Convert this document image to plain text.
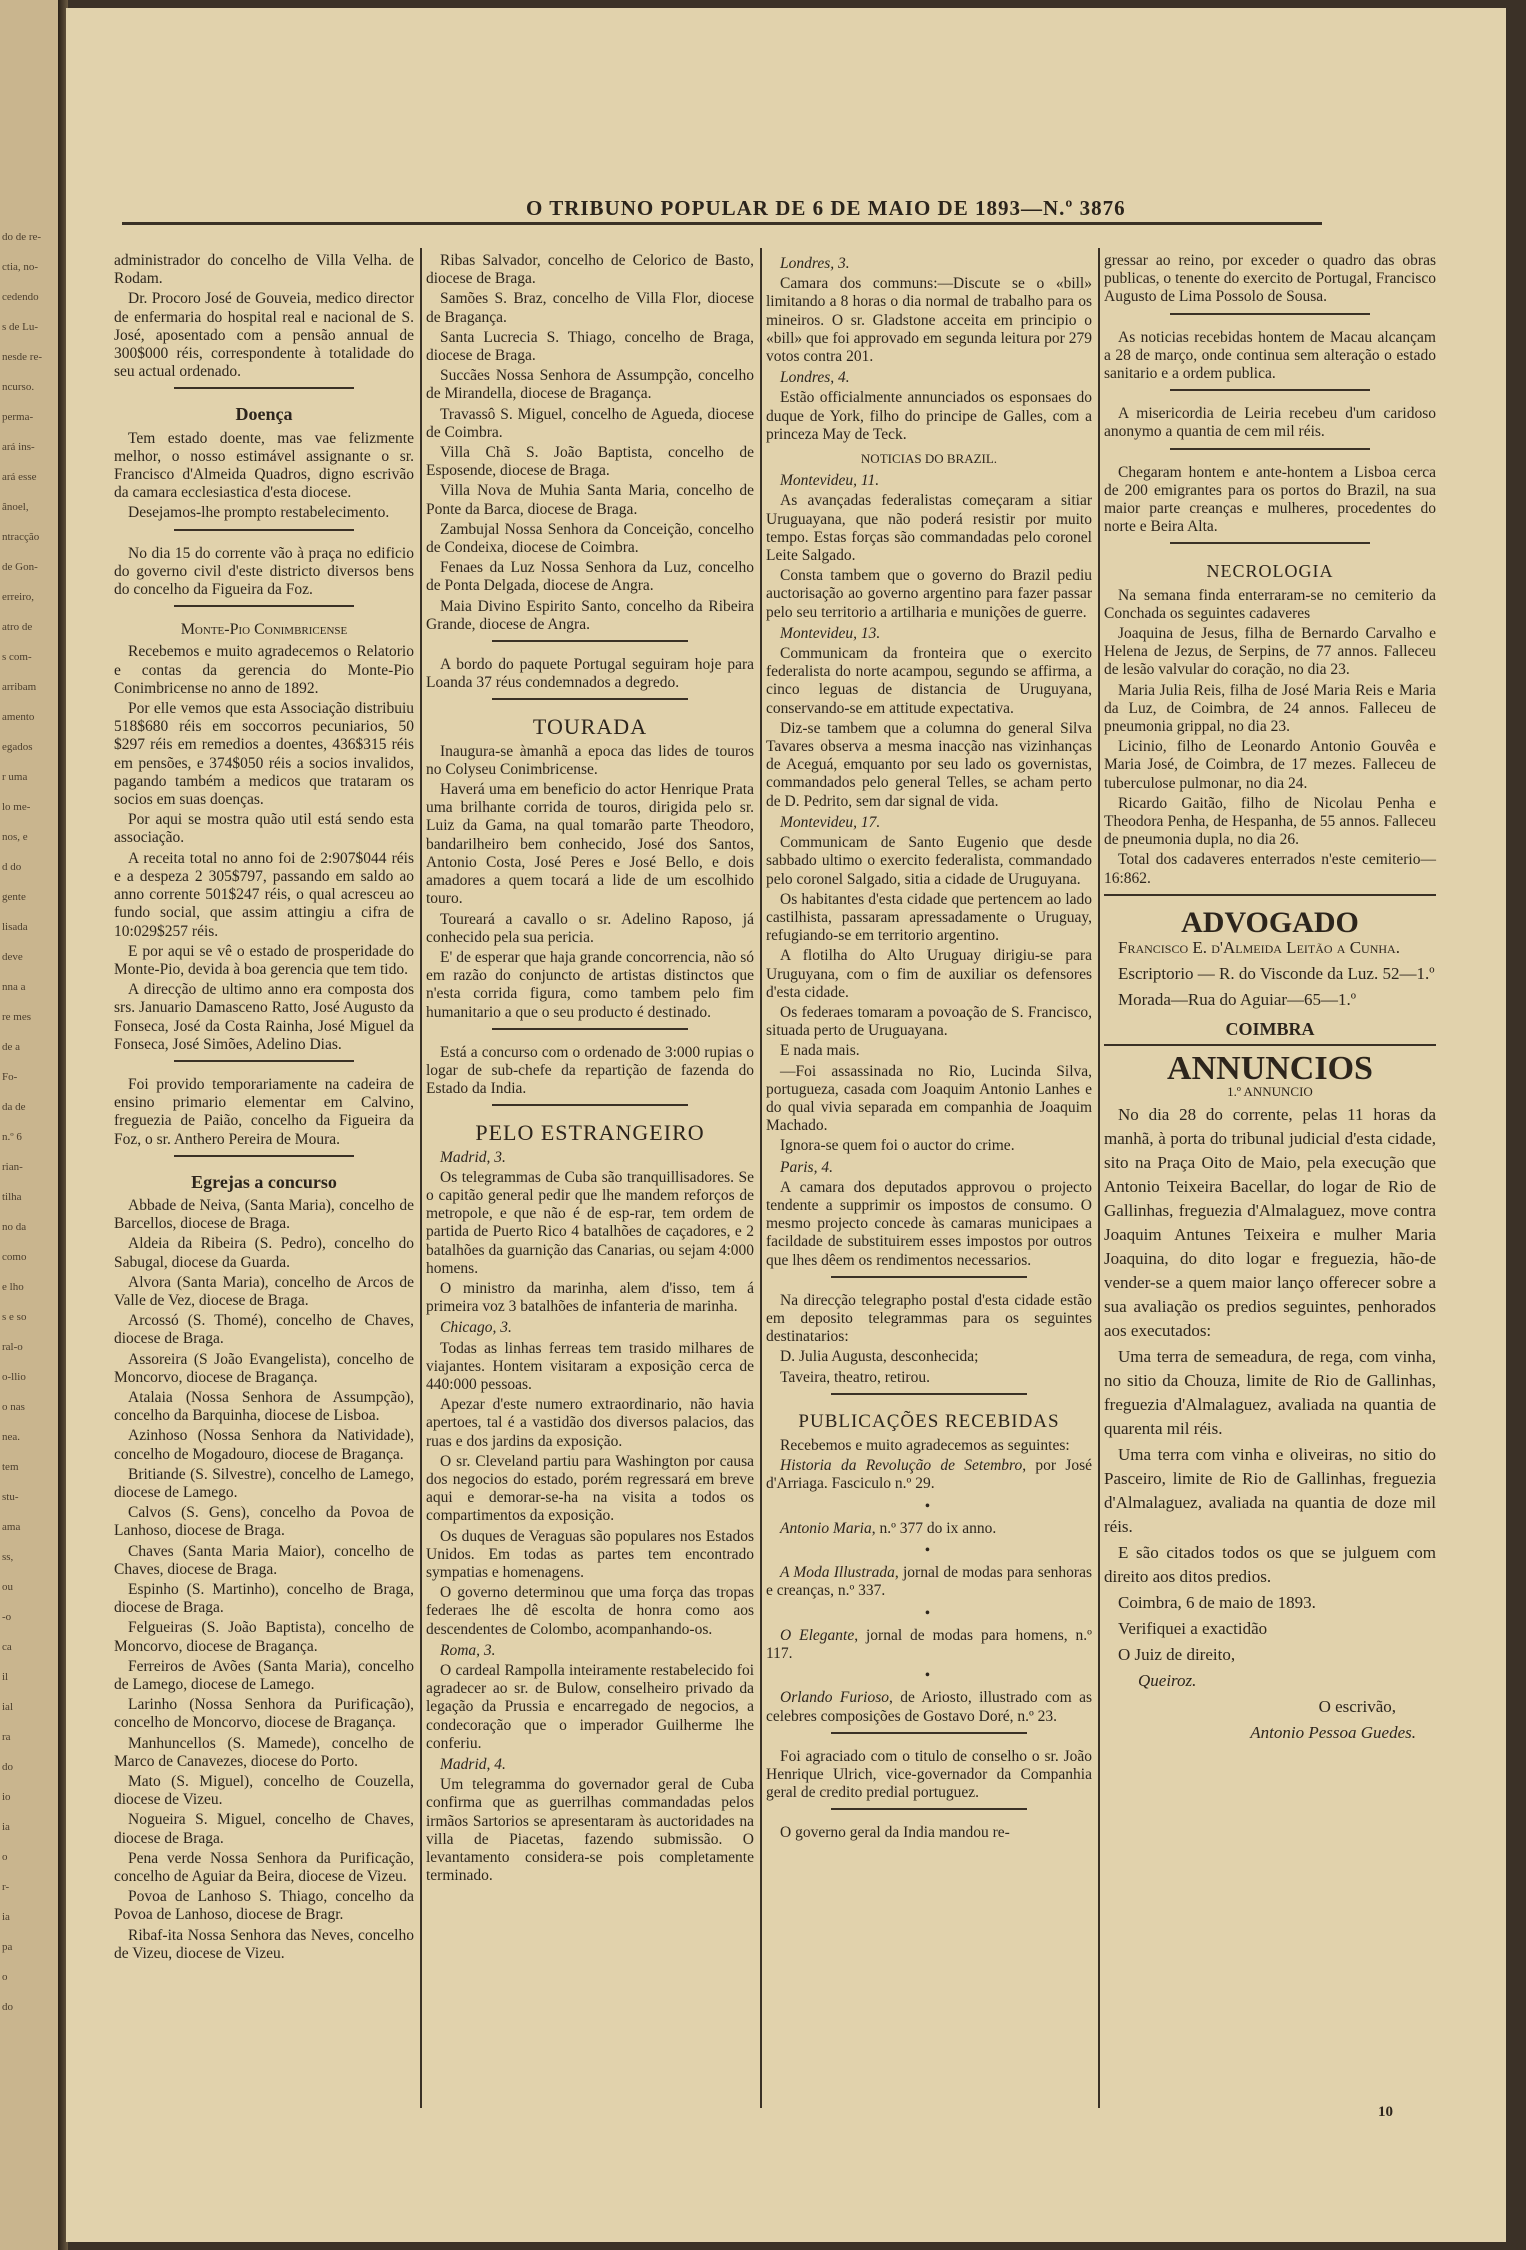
do de re-
ctia, no-
cedendo
s de Lu-
nesde re-
ncurso.
perma-
ará ins-
ará esse
ânoel,
ntracção
de Gon-
erreiro,
atro de
s com-
arribam
amento
egados
r uma
lo me-
nos, e
d do
gente
lisada
deve
nna a
re mes
de a
Fo-
da de
n.º 6
rian-
tilha
no da
como
e lho
s e so
ral-o
o-llio
o nas
nea.
tem
stu-
ama
ss,
ou
-o
ca
il
ial
ra
do
io
ia
o
r-
ia
pa
o
do
O TRIBUNO POPULAR DE 6 DE MAIO DE 1893—N.º 3876

administrador do concelho de Villa Velha. de Rodam.

Dr. Procoro José de Gouveia, medico director de enfermaria do hospital real e nacional de S. José, aposentado com a pensão annual de 300$000 réis, correspondente à totalidade do seu actual ordenado.

Doença

Tem estado doente, mas vae felizmente melhor, o nosso estimável assignante o sr. Francisco d'Almeida Quadros, digno escrivão da camara ecclesiastica d'esta diocese.

Desejamos-lhe prompto restabelecimento.

No dia 15 do corrente vão à praça no edificio do governo civil d'este districto diversos bens do concelho da Figueira da Foz.

Monte-Pio Conimbricense

Recebemos e muito agradecemos o Relatorio e contas da gerencia do Monte-Pio Conimbricense no anno de 1892.

Por elle vemos que esta Associação distribuiu 518$680 réis em soccorros pecuniarios, 50 $297 réis em remedios a doentes, 436$315 réis em pensões, e 374$050 réis a socios invalidos, pagando também a medicos que trataram os socios em suas doenças.

Por aqui se mostra quão util está sendo esta associação.

A receita total no anno foi de 2:907$044 réis e a despeza 2 305$797, passando em saldo ao anno corrente 501$247 réis, o qual acresceu ao fundo social, que assim attingiu a cifra de 10:029$257 réis.

E por aqui se vê o estado de prosperidade do Monte-Pio, devida à boa gerencia que tem tido.

A direcção de ultimo anno era composta dos srs. Januario Damasceno Ratto, José Augusto da Fonseca, José da Costa Rainha, José Miguel da Fonseca, José Simões, Adelino Dias.

Foi provido temporariamente na cadeira de ensino primario elementar em Calvino, freguezia de Paião, concelho da Figueira da Foz, o sr. Anthero Pereira de Moura.

Egrejas a concurso

Abbade de Neiva, (Santa Maria), concelho de Barcellos, diocese de Braga.

Aldeia da Ribeira (S. Pedro), concelho do Sabugal, diocese da Guarda.

Alvora (Santa Maria), concelho de Arcos de Valle de Vez, diocese de Braga.

Arcossó (S. Thomé), concelho de Chaves, diocese de Braga.

Assoreira (S João Evangelista), concelho de Moncorvo, diocese de Bragança.

Atalaia (Nossa Senhora de Assumpção), concelho da Barquinha, diocese de Lisboa.

Azinhoso (Nossa Senhora da Natividade), concelho de Mogadouro, diocese de Bragança.

Britiande (S. Silvestre), concelho de Lamego, diocese de Lamego.

Calvos (S. Gens), concelho da Povoa de Lanhoso, diocese de Braga.

Chaves (Santa Maria Maior), concelho de Chaves, diocese de Braga.

Espinho (S. Martinho), concelho de Braga, diocese de Braga.

Felgueiras (S. João Baptista), concelho de Moncorvo, diocese de Bragança.

Ferreiros de Avões (Santa Maria), concelho de Lamego, diocese de Lamego.

Larinho (Nossa Senhora da Purificação), concelho de Moncorvo, diocese de Bragança.

Manhuncellos (S. Mamede), concelho de Marco de Canavezes, diocese do Porto.

Mato (S. Miguel), concelho de Couzella, diocese de Vizeu.

Nogueira S. Miguel, concelho de Chaves, diocese de Braga.

Pena verde Nossa Senhora da Purificação, concelho de Aguiar da Beira, diocese de Vizeu.

Povoa de Lanhoso S. Thiago, concelho da Povoa de Lanhoso, diocese de Bragr.

Ribaf-ita Nossa Senhora das Neves, concelho de Vizeu, diocese de Vizeu.

Ribas Salvador, concelho de Celorico de Basto, diocese de Braga.

Samões S. Braz, concelho de Villa Flor, diocese de Bragança.

Santa Lucrecia S. Thiago, concelho de Braga, diocese de Braga.

Succães Nossa Senhora de Assumpção, concelho de Mirandella, diocese de Bragança.

Travassô S. Miguel, concelho de Agueda, diocese de Coimbra.

Villa Chã S. João Baptista, concelho de Esposende, diocese de Braga.

Villa Nova de Muhia Santa Maria, concelho de Ponte da Barca, diocese de Braga.

Zambujal Nossa Senhora da Conceição, concelho de Condeixa, diocese de Coimbra.

Fenaes da Luz Nossa Senhora da Luz, concelho de Ponta Delgada, diocese de Angra.

Maia Divino Espirito Santo, concelho da Ribeira Grande, diocese de Angra.

A bordo do paquete Portugal seguiram hoje para Loanda 37 réus condemnados a degredo.

TOURADA

Inaugura-se àmanhã a epoca das lides de touros no Colyseu Conimbricense.

Haverá uma em beneficio do actor Henrique Prata uma brilhante corrida de touros, dirigida pelo sr. Luiz da Gama, na qual tomarão parte Theodoro, bandarilheiro bem conhecido, José dos Santos, Antonio Costa, José Peres e José Bello, e dois amadores a quem tocará a lide de um escolhido touro.

Toureará a cavallo o sr. Adelino Raposo, já conhecido pela sua pericia.

E' de esperar que haja grande concorrencia, não só em razão do conjuncto de artistas distinctos que n'esta corrida figura, como tambem pelo fim humanitario a que o seu producto é destinado.

Está a concurso com o ordenado de 3:000 rupias o logar de sub-chefe da repartição de fazenda do Estado da India.

PELO ESTRANGEIRO

Madrid, 3.

Os telegrammas de Cuba são tranquillisadores. Se o capitão general pedir que lhe mandem reforços de metropole, e que não é de esp-rar, tem ordem de partida de Puerto Rico 4 batalhões de caçadores, e 2 batalhões da guarnição das Canarias, ou sejam 4:000 homens.

O ministro da marinha, alem d'isso, tem á primeira voz 3 batalhões de infanteria de marinha.

Chicago, 3.

Todas as linhas ferreas tem trasido milhares de viajantes. Hontem visitaram a exposição cerca de 440:000 pessoas.

Apezar d'este numero extraordinario, não havia apertoes, tal é a vastidão dos diversos palacios, das ruas e dos jardins da exposição.

O sr. Cleveland partiu para Washington por causa dos negocios do estado, porém regressará em breve aqui e demorar-se-ha na visita a todos os compartimentos da exposição.

Os duques de Veraguas são populares nos Estados Unidos. Em todas as partes tem encontrado sympatias e homenagens.

O governo determinou que uma força das tropas federaes lhe dê escolta de honra como aos descendentes de Colombo, acompanhando-os.

Roma, 3.

O cardeal Rampolla inteiramente restabelecido foi agradecer ao sr. de Bulow, conselheiro privado da legação da Prussia e encarregado de negocios, a condecoração que o imperador Guilherme lhe conferiu.

Madrid, 4.

Um telegramma do governador geral de Cuba confirma que as guerrilhas commandadas pelos irmãos Sartorios se apresentaram às auctoridades na villa de Piacetas, fazendo submissão. O levantamento considera-se pois completamente terminado.

Londres, 3.

Camara dos communs:—Discute se o «bill» limitando a 8 horas o dia normal de trabalho para os mineiros. O sr. Gladstone acceita em principio o «bill» que foi approvado em segunda leitura por 279 votos contra 201.

Londres, 4.

Estão officialmente annunciados os esponsaes do duque de York, filho do principe de Galles, com a princeza May de Teck.

NOTICIAS DO BRAZIL.

Montevideu, 11.

As avançadas federalistas começaram a sitiar Uruguayana, que não poderá resistir por muito tempo. Estas forças são commandadas pelo coronel Leite Salgado.

Consta tambem que o governo do Brazil pediu auctorisação ao governo argentino para fazer passar pelo seu territorio a artilharia e munições de guerre.

Montevideu, 13.

Communicam da fronteira que o exercito federalista do norte acampou, segundo se affirma, a cinco leguas de distancia de Uruguyana, conservando-se em attitude expectativa.

Diz-se tambem que a columna do general Silva Tavares observa a mesma inacção nas vizinhanças de Aceguá, emquanto por seu lado os governistas, commandados pelo general Telles, se acham perto de D. Pedrito, sem dar signal de vida.

Montevideu, 17.

Communicam de Santo Eugenio que desde sabbado ultimo o exercito federalista, commandado pelo coronel Salgado, sitia a cidade de Uruguyana.

Os habitantes d'esta cidade que pertencem ao lado castilhista, passaram apressadamente o Uruguay, refugiando-se em territorio argentino.

A flotilha do Alto Uruguay dirigiu-se para Uruguyana, com o fim de auxiliar os defensores d'esta cidade.

Os federaes tomaram a povoação de S. Francisco, situada perto de Uruguayana.

E nada mais.

—Foi assassinada no Rio, Lucinda Silva, portugueza, casada com Joaquim Antonio Lanhes e do qual vivia separada em companhia de Joaquim Machado.

Ignora-se quem foi o auctor do crime.

Paris, 4.

A camara dos deputados approvou o projecto tendente a supprimir os impostos de consumo. O mesmo projecto concede às camaras municipaes a facildade de substituirem esses impostos por outros que lhes dêem os rendimentos necessarios.

Na direcção telegrapho postal d'esta cidade estão em deposito telegrammas para os seguintes destinatarios:

D. Julia Augusta, desconhecida;

Taveira, theatro, retirou.

PUBLICAÇÕES RECEBIDAS

Recebemos e muito agradecemos as seguintes:

Historia da Revolução de Setembro, por José d'Arriaga. Fasciculo n.º 29.

•

Antonio Maria, n.º 377 do ix anno.

•

A Moda Illustrada, jornal de modas para senhoras e creanças, n.º 337.

•

O Elegante, jornal de modas para homens, n.º 117.

•

Orlando Furioso, de Ariosto, illustrado com as celebres composições de Gostavo Doré, n.º 23.

Foi agraciado com o titulo de conselho o sr. João Henrique Ulrich, vice-governador da Companhia geral de credito predial portuguez.

O governo geral da India mandou re-

gressar ao reino, por exceder o quadro das obras publicas, o tenente do exercito de Portugal, Francisco Augusto de Lima Possolo de Sousa.

As noticias recebidas hontem de Macau alcançam a 28 de março, onde continua sem alteração o estado sanitario e a ordem publica.

A misericordia de Leiria recebeu d'um caridoso anonymo a quantia de cem mil réis.

Chegaram hontem e ante-hontem a Lisboa cerca de 200 emigrantes para os portos do Brazil, na sua maior parte creanças e mulheres, procedentes do norte e Beira Alta.

NECROLOGIA

Na semana finda enterraram-se no cemiterio da Conchada os seguintes cadaveres

Joaquina de Jesus, filha de Bernardo Carvalho e Helena de Jezus, de Serpins, de 77 annos. Falleceu de lesão valvular do coração, no dia 23.

Maria Julia Reis, filha de José Maria Reis e Maria da Luz, de Coimbra, de 24 annos. Falleceu de pneumonia grippal, no dia 23.

Licinio, filho de Leonardo Antonio Gouvêa e Maria José, de Coimbra, de 17 mezes. Falleceu de tuberculose pulmonar, no dia 24.

Ricardo Gaitão, filho de Nicolau Penha e Theodora Penha, de Hespanha, de 55 annos. Falleceu de pneumonia dupla, no dia 26.

Total dos cadaveres enterrados n'este cemiterio—16:862.

ADVOGADO

Francisco E. d'Almeida Leitão a Cunha.

Escriptorio — R. do Visconde da Luz. 52—1.º

Morada—Rua do Aguiar—65—1.º

COIMBRA

ANNUNCIOS

1.º ANNUNCIO

No dia 28 do corrente, pelas 11 horas da manhã, à porta do tribunal judicial d'esta cidade, sito na Praça Oito de Maio, pela execução que Antonio Teixeira Bacellar, do logar de Rio de Gallinhas, freguezia d'Almalaguez, move contra Joaquim Antunes Teixeira e mulher Maria Joaquina, do dito logar e freguezia, hão-de vender-se a quem maior lanço offerecer sobre a sua avaliação os predios seguintes, penhorados aos executados:

Uma terra de semeadura, de rega, com vinha, no sitio da Chouza, limite de Rio de Gallinhas, freguezia d'Almalaguez, avaliada na quantia de quarenta mil réis.

Uma terra com vinha e oliveiras, no sitio do Pasceiro, limite de Rio de Gallinhas, freguezia d'Almalaguez, avaliada na quantia de doze mil réis.

E são citados todos os que se julguem com direito aos ditos predios.

Coimbra, 6 de maio de 1893.

Verifiquei a exactidão

O Juiz de direito,

Queiroz.

O escrivão,

Antonio Pessoa Guedes.

10
